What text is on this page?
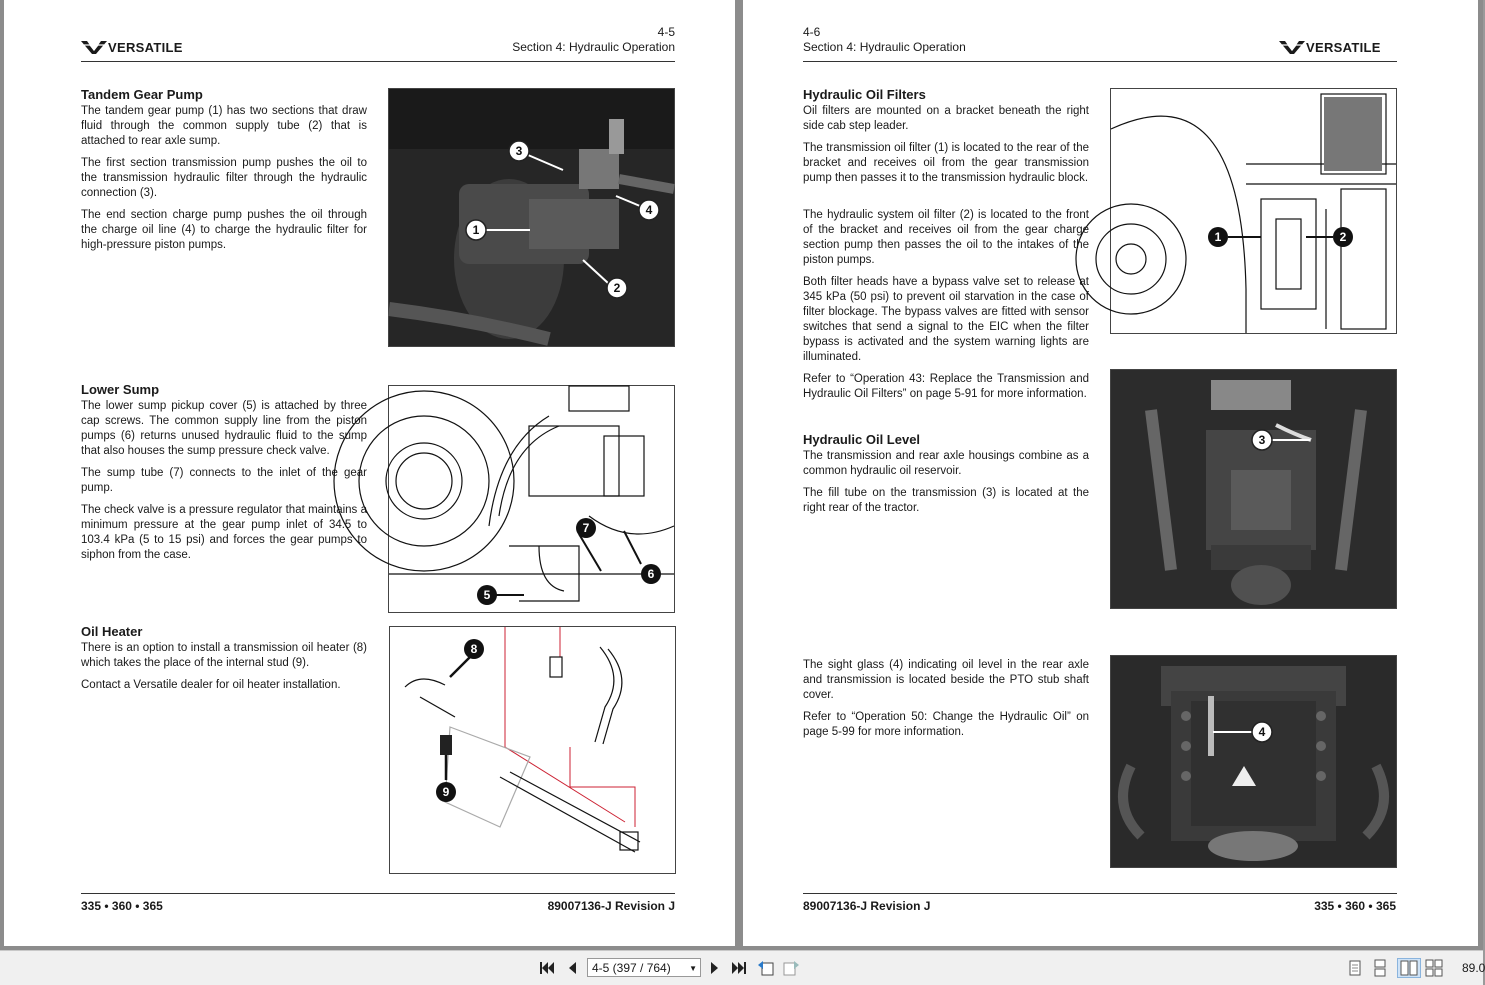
VERSATILE
4-5
Section 4: Hydraulic Operation
Tandem Gear Pump

The tandem gear pump (1) has two sections that draw fluid through the common supply tube (2) that is attached to rear axle sump.

The first section transmission pump pushes the oil to the transmission hydraulic filter through the hydraulic connection (3).

The end section charge pump pushes the oil through the charge oil line (4) to charge the hydraulic filter for high-pressure piston pumps.

3
1
4
2
Lower Sump

The lower sump pickup cover (5) is attached by three cap screws. The common supply line from the piston pumps (6) returns unused hydraulic fluid to the sump that also houses the sump pressure check valve.

The sump tube (7) connects to the inlet of the gear pump.

The check valve is a pressure regulator that maintains a minimum pressure at the gear pump inlet of 34.5 to 103.4 kPa (5 to 15 psi) and forces the gear pumps to siphon from the case.

7
6
5
Oil Heater

There is an option to install a transmission oil heater (8) which takes the place of the internal stud (9).

Contact a Versatile dealer for oil heater installation.

8
9
335 • 360 • 365	89007136-J Revision J
4-6
Section 4: Hydraulic Operation	VERSATILE
Hydraulic Oil Filters

Oil filters are mounted on a bracket beneath the right side cab step leader.

The transmission oil filter (1) is located to the rear of the bracket and receives oil from the gear transmission pump then passes it to the transmission hydraulic block.

The hydraulic system oil filter (2) is located to the front of the bracket and receives oil from the gear charge section pump then passes the oil to the intakes of the piston pumps.

Both filter heads have a bypass valve set to release at 345 kPa (50 psi) to prevent oil starvation in the case of filter blockage. The bypass valves are fitted with sensor switches that send a signal to the EIC when the filter bypass is activated and the system warning lights are illuminated.

Refer to “Operation 43: Replace the Transmission and Hydraulic Oil Filters” on page 5-91 for more information.

1	2
Hydraulic Oil Level

The transmission and rear axle housings combine as a common hydraulic oil reservoir.

The fill tube on the transmission (3) is located at the right rear of the tractor.

3

The sight glass (4) indicating oil level in the rear axle and transmission is located beside the PTO stub shaft cover.

Refer to “Operation 50: Change the Hydraulic Oil” on page 5-99 for more information.	4
89007136-J Revision J	335 • 360 • 365
4-5 (397 / 764) ▼	89.0
